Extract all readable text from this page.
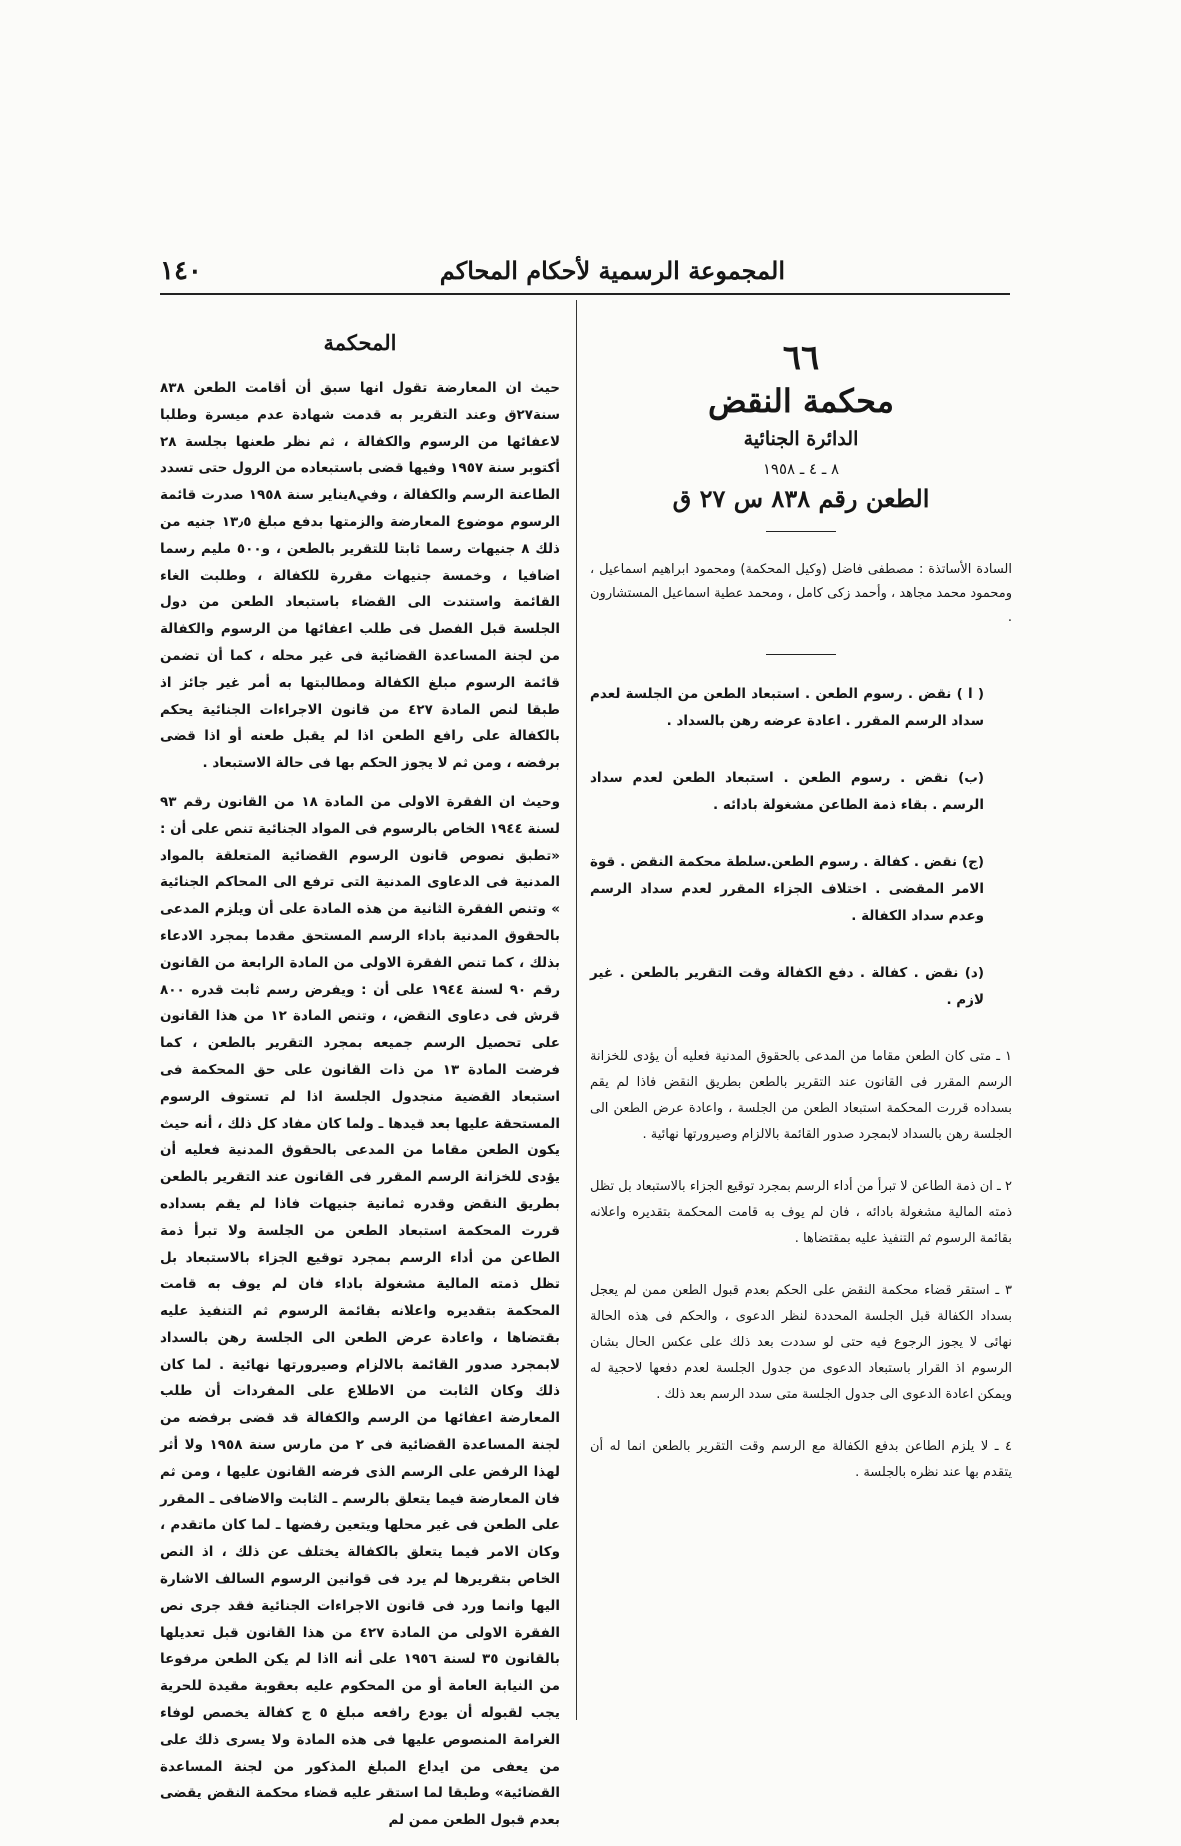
المجموعة الرسمية لأحكام المحاكم
١٤٠
٦٦
محكمة النقض
الدائرة الجنائية
٨ ـ ٤ ـ ١٩٥٨
الطعن رقم ٨٣٨ س ٢٧ ق

السادة الأساتذة : مصطفى فاضل (وكيل المحكمة) ومحمود ابراهيم اسماعيل ، ومحمود محمد مجاهد ، وأحمد زكى كامل ، ومحمد عطية اسماعيل المستشارون .

( ا ) نقض . رسوم الطعن . استبعاد الطعن من الجلسة لعدم سداد الرسم المقرر . اعادة عرضه رهن بالسداد .

(ب) نقض . رسوم الطعن . استبعاد الطعن لعدم سداد الرسم . بقاء ذمة الطاعن مشغولة بادائه .

(ج) نقض . كفالة . رسوم الطعن.سلطة محكمة النقض . قوة الامر المقضى . اختلاف الجزاء المقرر لعدم سداد الرسم وعدم سداد الكفالة .

(د) نقض . كفالة . دفع الكفالة وقت التقرير بالطعن . غير لازم .

١ ـ متى كان الطعن مقاما من المدعى بالحقوق المدنية فعليه أن يؤدى للخزانة الرسم المقرر فى القانون عند التقرير بالطعن بطريق النقض فاذا لم يقم بسداده قررت المحكمة استبعاد الطعن من الجلسة ، واعادة عرض الطعن الى الجلسة رهن بالسداد لابمجرد صدور القائمة بالالزام وصيرورتها نهائية .

٢ ـ ان ذمة الطاعن لا تبرأ من أداء الرسم بمجرد توقيع الجزاء بالاستبعاد بل تظل ذمته المالية مشغولة بادائه ، فان لم يوف به قامت المحكمة بتقديره واعلانه بقائمة الرسوم ثم التنفيذ عليه بمقتضاها .

٣ ـ استقر قضاء محكمة النقض على الحكم بعدم قبول الطعن ممن لم يعجل بسداد الكفالة قبل الجلسة المحددة لنظر الدعوى ، والحكم فى هذه الحالة نهائى لا يجوز الرجوع فيه حتى لو سددت بعد ذلك على عكس الحال بشان الرسوم اذ القرار باستبعاد الدعوى من جدول الجلسة لعدم دفعها لاحجية له ويمكن اعادة الدعوى الى جدول الجلسة متى سدد الرسم بعد ذلك .

٤ ـ لا يلزم الطاعن بدفع الكفالة مع الرسم وقت التقرير بالطعن انما له أن يتقدم بها عند نظره بالجلسة .

المحكمة

حيث ان المعارضة تقول انها سبق أن أقامت الطعن ٨٣٨ سنة٢٧ق وعند التقرير به قدمت شهادة عدم ميسرة وطلبا لاعفائها من الرسوم والكفالة ، ثم نظر طعنها بجلسة ٢٨ أكتوبر سنة ١٩٥٧ وفيها قضى باستبعاده من الرول حتى تسدد الطاعنة الرسم والكفالة ، وفي٨يناير سنة ١٩٥٨ صدرت قائمة الرسوم موضوع المعارضة والزمتها بدفع مبلغ ١٣٫٥ جنيه من ذلك ٨ جنيهات رسما ثابتا للتقرير بالطعن ، و٥٠٠ مليم رسما اضافيا ، وخمسة جنيهات مقررة للكفالة ، وطلبت الغاء القائمة واستندت الى القضاء باستبعاد الطعن من دول الجلسة قبل الفصل فى طلب اعفائها من الرسوم والكفالة من لجنة المساعدة القضائية فى غير محله ، كما أن تضمن قائمة الرسوم مبلغ الكفالة ومطالبتها به أمر غير جائز اذ طبقا لنص المادة ٤٢٧ من قانون الاجراءات الجنائية يحكم بالكفالة على رافع الطعن اذا لم يقبل طعنه أو اذا قضى برفضه ، ومن ثم لا يجوز الحكم بها فى حالة الاستبعاد .

وحيث ان الفقرة الاولى من المادة ١٨ من القانون رقم ٩٣ لسنة ١٩٤٤ الخاص بالرسوم فى المواد الجنائية تنص على أن : «تطبق نصوص قانون الرسوم القضائية المتعلقة بالمواد المدنية فى الدعاوى المدنية التى ترفع الى المحاكم الجنائية » وتنص الفقرة الثانية من هذه المادة على أن ويلزم المدعى بالحقوق المدنية باداء الرسم المستحق مقدما بمجرد الادعاء بذلك ، كما تنص الفقرة الاولى من المادة الرابعة من القانون رقم ٩٠ لسنة ١٩٤٤ على أن : ويفرض رسم ثابت قدره ٨٠٠ قرش فى دعاوى النقض، ، وتنص المادة ١٢ من هذا القانون على تحصيل الرسم جميعه بمجرد التقرير بالطعن ، كما فرضت المادة ١٣ من ذات القانون على حق المحكمة فى استبعاد القضية منجدول الجلسة اذا لم تستوف الرسوم المستحقة عليها بعد قيدها ـ ولما كان مفاد كل ذلك ، أنه حيث يكون الطعن مقاما من المدعى بالحقوق المدنية فعليه أن يؤدى للخزانة الرسم المقرر فى القانون عند التقرير بالطعن بطريق النقض وقدره ثمانية جنيهات فاذا لم يقم بسداده قررت المحكمة استبعاد الطعن من الجلسة ولا تبرأ ذمة الطاعن من أداء الرسم بمجرد توقيع الجزاء بالاستبعاد بل تظل ذمته المالية مشغولة باداء فان لم يوف به قامت المحكمة بتقديره واعلانه بقائمة الرسوم ثم التنفيذ عليه بقتضاها ، واعادة عرض الطعن الى الجلسة رهن بالسداد لابمجرد صدور القائمة بالالزام وصيرورتها نهائية . لما كان ذلك وكان الثابت من الاطلاع على المفردات أن طلب المعارضة اعفائها من الرسم والكفالة قد قضى برفضه من لجنة المساعدة القضائية فى ٢ من مارس سنة ١٩٥٨ ولا أثر لهذا الرفض على الرسم الذى فرضه القانون عليها ، ومن ثم فان المعارضة فيما يتعلق بالرسم ـ الثابت والاضافى ـ المقرر على الطعن فى غير محلها ويتعين رفضها ـ لما كان ماتقدم ، وكان الامر فيما يتعلق بالكفالة يختلف عن ذلك ، اذ النص الخاص بتقريرها لم يرد فى قوانين الرسوم السالف الاشارة اليها وانما ورد فى قانون الاجراءات الجنائية فقد جرى نص الفقرة الاولى من المادة ٤٢٧ من هذا القانون قبل تعديلها بالقانون ٣٥ لسنة ١٩٥٦ على أنه ااذا لم يكن الطعن مرفوعا من النيابة العامة أو من المحكوم عليه بعقوبة مقيدة للحرية يجب لقبوله أن يودع رافعه مبلغ ٥ ج كفالة يخصص لوفاء الغرامة المنصوص عليها فى هذه المادة ولا يسرى ذلك على من يعفى من ايداع المبلغ المذكور من لجنة المساعدة القضائية» وطبقا لما استقر عليه قضاء محكمة النقض يقضى بعدم قبول الطعن ممن لم
